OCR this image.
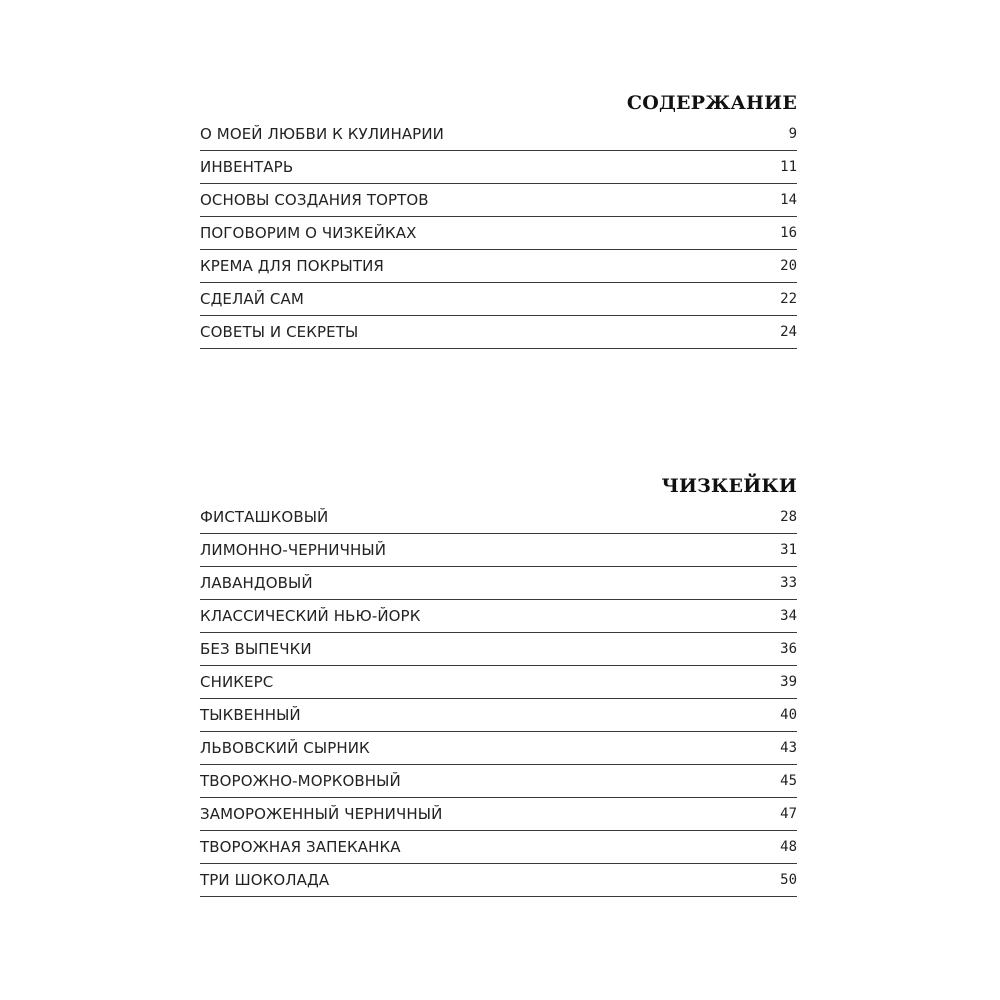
СОДЕРЖАНИЕ
О МОЕЙ ЛЮБВИ К КУЛИНАРИИ	9
ИНВЕНТАРЬ	11
ОСНОВЫ СОЗДАНИЯ ТОРТОВ	14
ПОГОВОРИМ О ЧИЗКЕЙКАХ	16
КРЕМА ДЛЯ ПОКРЫТИЯ	20
СДЕЛАЙ САМ	22
СОВЕТЫ И СЕКРЕТЫ	24
ЧИЗКЕЙКИ
ФИСТАШКОВЫЙ	28
ЛИМОННО-ЧЕРНИЧНЫЙ	31
ЛАВАНДОВЫЙ	33
КЛАССИЧЕСКИЙ НЬЮ-ЙОРК	34
БЕЗ ВЫПЕЧКИ	36
СНИКЕРС	39
ТЫКВЕННЫЙ	40
ЛЬВОВСКИЙ СЫРНИК	43
ТВОРОЖНО-МОРКОВНЫЙ	45
ЗАМОРОЖЕННЫЙ ЧЕРНИЧНЫЙ	47
ТВОРОЖНАЯ ЗАПЕКАНКА	48
ТРИ ШОКОЛАДА	50
